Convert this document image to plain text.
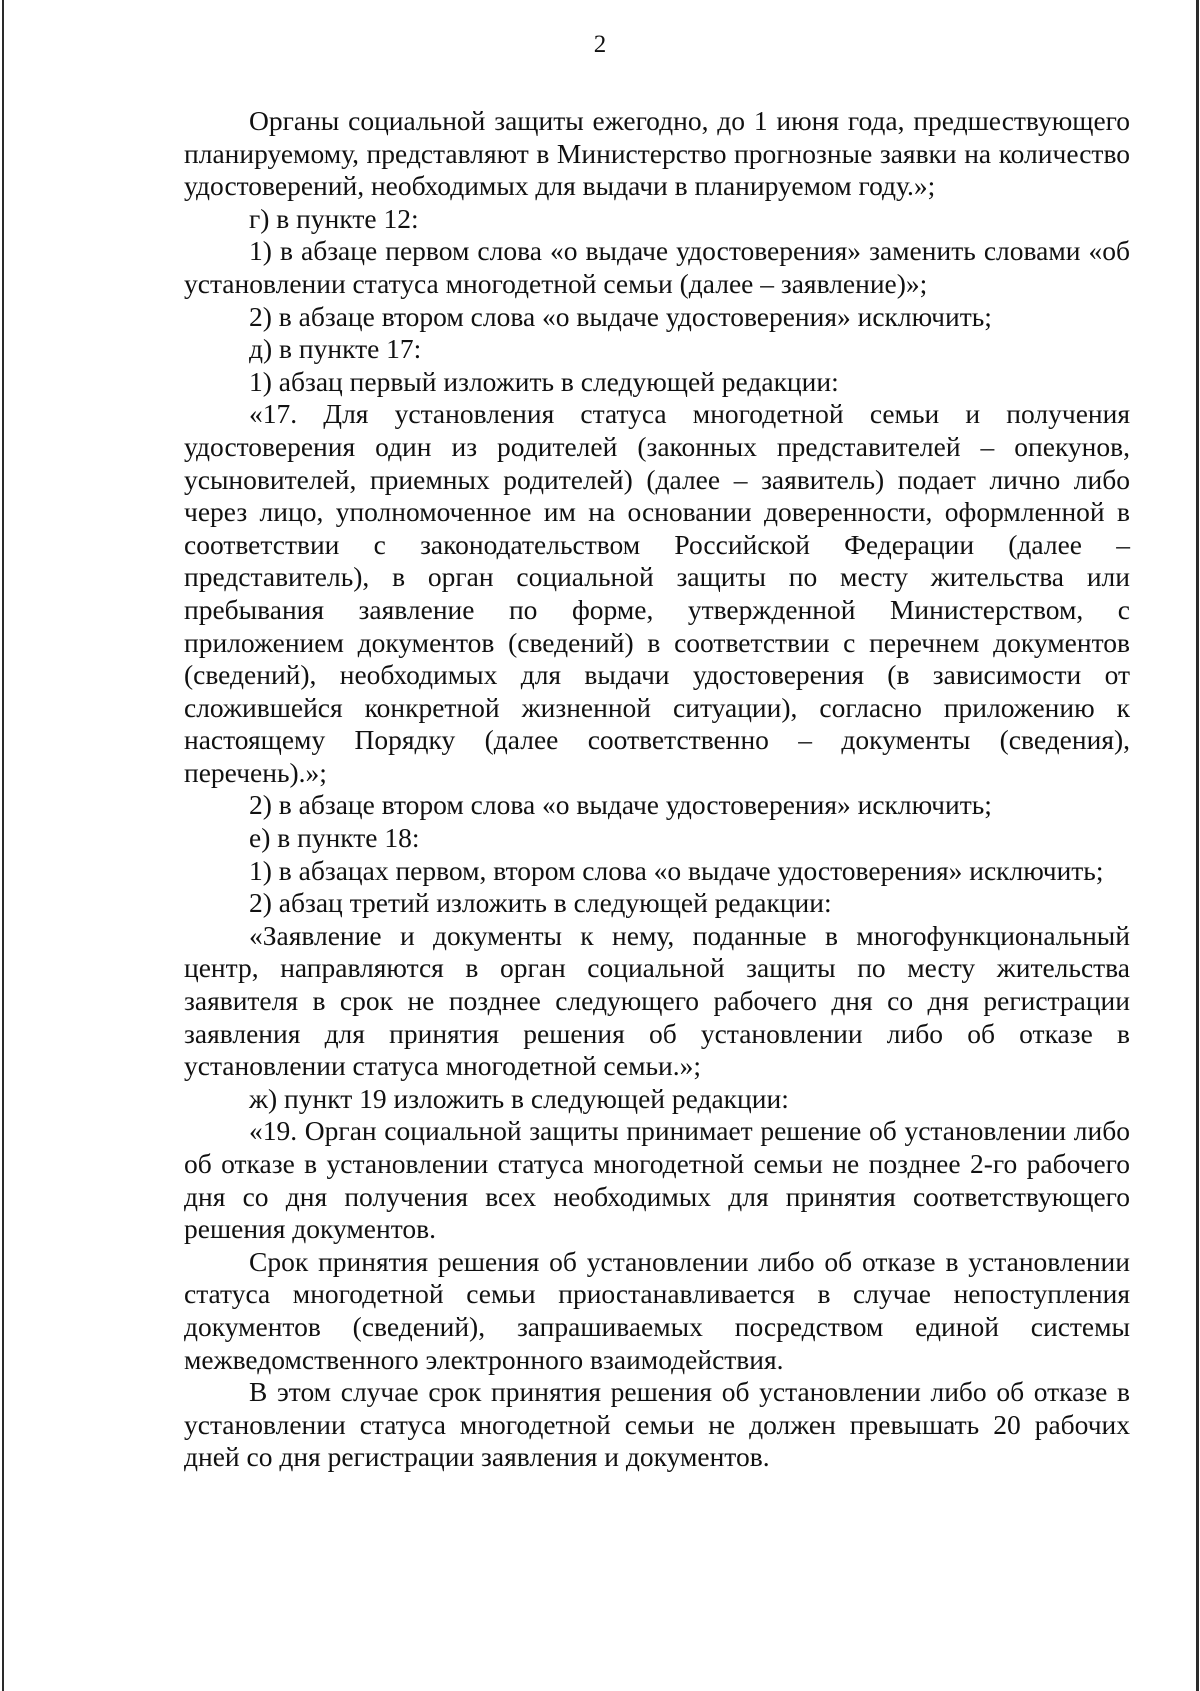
2

Органы социальной защиты ежегодно, до 1 июня года, предшествующего планируемому, представляют в Министерство прогнозные заявки на количество удостоверений, необходимых для выдачи в планируемом году.»;

г) в пункте 12:

1) в абзаце первом слова «о выдаче удостоверения» заменить словами «об установлении статуса многодетной семьи (далее – заявление)»;

2) в абзаце втором слова «о выдаче удостоверения» исключить;

д) в пункте 17:

1) абзац первый изложить в следующей редакции:

«17. Для установления статуса многодетной семьи и получения удостоверения один из родителей (законных представителей – опекунов, усыновителей, приемных родителей) (далее – заявитель) подает лично либо через лицо, уполномоченное им на основании доверенности, оформленной в соответствии с законодательством Российской Федерации (далее – представитель), в орган социальной защиты по месту жительства или пребывания заявление по форме, утвержденной Министерством, с приложением документов (сведений) в соответствии с перечнем документов (сведений), необходимых для выдачи удостоверения (в зависимости от сложившейся конкретной жизненной ситуации), согласно приложению к настоящему Порядку (далее соответственно – документы (сведения), перечень).»;

2) в абзаце втором слова «о выдаче удостоверения» исключить;

е) в пункте 18:

1) в абзацах первом, втором слова «о выдаче удостоверения» исключить;

2) абзац третий изложить в следующей редакции:

«Заявление и документы к нему, поданные в многофункциональный центр, направляются в орган социальной защиты по месту жительства заявителя в срок не позднее следующего рабочего дня со дня регистрации заявления для принятия решения об установлении либо об отказе в установлении статуса многодетной семьи.»;

ж) пункт 19 изложить в следующей редакции:

«19. Орган социальной защиты принимает решение об установлении либо об отказе в установлении статуса многодетной семьи не позднее 2-го рабочего дня со дня получения всех необходимых для принятия соответствующего решения документов.

Срок принятия решения об установлении либо об отказе в установлении статуса многодетной семьи приостанавливается в случае непоступления документов (сведений), запрашиваемых посредством единой системы межведомственного электронного взаимодействия.

В этом случае срок принятия решения об установлении либо об отказе в установлении статуса многодетной семьи не должен превышать 20 рабочих дней со дня регистрации заявления и документов.
